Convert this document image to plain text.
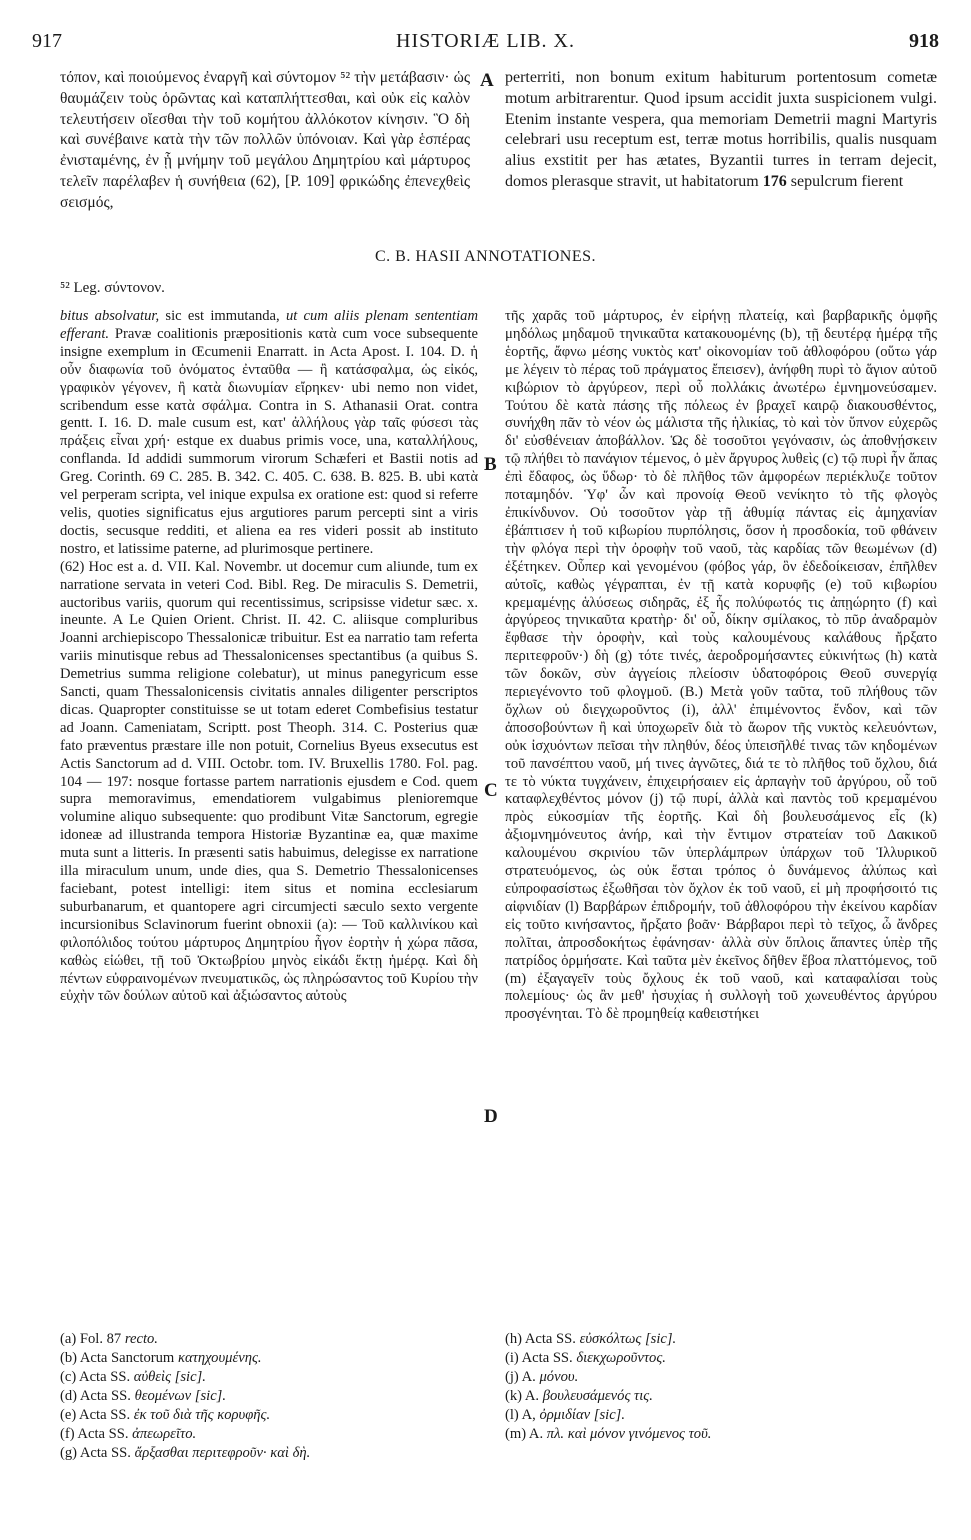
917	HISTORIÆ LIB. X.	918

τόπον, καὶ ποιούμενος ἐναργῆ καὶ σύντομον ⁵² τὴν μετάβασιν· ὡς θαυμάζειν τοὺς ὁρῶντας καὶ καταπλήττεσθαι, καὶ οὐκ εἰς καλὸν τελευτήσειν οἴεσθαι τὴν τοῦ κομήτου ἀλλόκοτον κίνησιν. Ὃ δὴ καὶ συνέβαινε κατὰ τὴν τῶν πολλῶν ὑπόνοιαν. Καὶ γὰρ ἑσπέρας ἐνισταμένης, ἐν ᾗ μνήμην τοῦ μεγάλου Δημητρίου καὶ μάρτυρος τελεῖν παρέλαβεν ἡ συνήθεια (62), [P. 109] φρικώδης ἐπενεχθεὶς σεισμός,

A perterriti, non bonum exitum habiturum portentosum cometæ motum arbitrarentur. Quod ipsum accidit juxta suspicionem vulgi. Etenim instante vespera, qua memoriam Demetrii magni Martyris celebrari usu receptum est, terræ motus horribilis, qualis nusquam alius exstitit per has ætates, Byzantii turres in terram dejecit, domos plerasque stravit, ut habitatorum 176 sepulcrum fierent

C. B. HASII ANNOTATIONES.
⁵² Leg. σύντονον.

bitus absolvatur, sic est immutanda, ut cum aliis plenam sententiam efferant. Pravæ coalitionis præpositionis κατὰ cum voce subsequente insigne exemplum in Œcumenii Enarratt. in Acta Apost. I. 104. D. ἡ οὖν διαφωνία τοῦ ὀνόματος ἐνταῦθα — ἢ κατάσφαλμα, ὡς εἰκός, γραφικὸν γέγονεν, ἢ κατὰ διωνυμίαν εἴρηκεν· ubi nemo non videt, scribendum esse κατὰ σφάλμα. Contra in S. Athanasii Orat. contra gentt. I. 16. D. male cusum est, κατ' ἀλλήλους γὰρ ταῖς φύσεσι τὰς πράξεις εἶναι χρή· estque ex duabus primis voce, una, καταλλήλους, conflanda. Id addidi summorum virorum Schæferi et Bastii notis ad Greg. Corinth. 69 C. 285. B. 342. C. 405. C. 638. B. 825. B. ubi κατὰ vel perperam scripta, vel inique expulsa ex oratione est: quod si referre velis, quoties significatus ejus argutiores parum percepti sint a viris doctis, secusque redditi, et aliena ea res videri possit ab instituto nostro, et latissime paterne, ad plurimosque pertinere.

(62) Hoc est a. d. VII. Kal. Novembr. ut docemur cum aliunde, tum ex narratione servata in veteri Cod. Bibl. Reg. De miraculis S. Demetrii, auctoribus variis, quorum qui recentissimus, scripsisse videtur sæc. x. ineunte. A Le Quien Orient. Christ. II. 42. C. aliisque compluribus Joanni archiepiscopo Thessalonicæ tribuitur. Est ea narratio tam referta variis minutisque rebus ad Thessalonicenses spectantibus (a quibus S. Demetrius summa religione colebatur), ut minus panegyricum esse Sancti, quam Thessalonicensis civitatis annales diligenter perscriptos dicas. Quapropter constituisse se ut totam ederet Combefisius testatur ad Joann. Cameniatam, Scriptt. post Theoph. 314. C. Posterius quæ fato præventus præstare ille non potuit, Cornelius Byeus exsecutus est Actis Sanctorum ad d. VIII. Octobr. tom. IV. Bruxellis 1780. Fol. pag. 104 — 197: nosque fortasse partem narrationis ejusdem e Cod. quem supra memoravimus, emendatiorem vulgabimus plenioremque volumine aliquo subsequente: quo prodibunt Vitæ Sanctorum, egregie idoneæ ad illustranda tempora Historiæ Byzantinæ ea, quæ maxime muta sunt a litteris. In præsenti satis habuimus, delegisse ex narratione illa miraculum unum, unde dies, qua S. Demetrio Thessalonicenses faciebant, potest intelligi: item situs et nomina ecclesiarum suburbanarum, et quantopere agri circumjecti sæculo sexto vergente incursionibus Sclavinorum fuerint obnoxii (a): — Τοῦ καλλινίκου καὶ φιλοπόλιδος τούτου μάρτυρος Δημητρίου ἦγον ἑορτὴν ἡ χώρα πᾶσα, καθὼς εἰώθει, τῇ τοῦ Ὀκτωβρίου μηνὸς εἰκάδι ἕκτῃ ἡμέρᾳ. Καὶ δὴ πέντων εὐφραινομένων πνευματικῶς, ὡς πληρώσαντος τοῦ Κυρίου τὴν εὐχὴν τῶν δούλων αὐτοῦ καὶ ἀξιώσαντος αὐτοὺς

B
C
D

τῆς χαρᾶς τοῦ μάρτυρος, ἐν εἰρήνῃ πλατείᾳ, καὶ βαρβαρικῆς ὁμφῆς μηδόλως μηδαμοῦ τηνικαῦτα κατακουομένης (b), τῇ δευτέρᾳ ἡμέρᾳ τῆς ἑορτῆς, ἄφνω μέσης νυκτὸς κατ' οἰκονομίαν τοῦ ἀθλοφόρου (οὕτω γάρ με λέγειν τὸ πέρας τοῦ πράγματος ἔπεισεν), ἀνήφθη πυρὶ τὸ ἅγιον αὐτοῦ κιβώριον τὸ ἀργύρεον, περὶ οὗ πολλάκις ἀνωτέρω ἐμνημονεύσαμεν. Τούτου δὲ κατὰ πάσης τῆς πόλεως ἐν βραχεῖ καιρῷ διακουσθέντος, συνήχθη πᾶν τὸ νέον ὡς μάλιστα τῆς ἡλικίας, τὸ καὶ τὸν ὕπνον εὐχερῶς δι' εὐσθένειαν ἀποβάλλον. Ὡς δὲ τοσοῦτοι γεγόνασιν, ὡς ἀποθνῄσκειν τῷ πλήθει τὸ πανάγιον τέμενος, ὁ μὲν ἄργυρος λυθεὶς (c) τῷ πυρὶ ἦν ἅπας ἐπὶ ἔδαφος, ὡς ὕδωρ· τὸ δὲ πλῆθος τῶν ἀμφορέων περιέκλυζε τοῦτον ποταμηδόν. Ὑφ' ὧν καὶ προνοίᾳ Θεοῦ νενίκητο τὸ τῆς φλογὸς ἐπικίνδυνον. Οὐ τοσοῦτον γὰρ τῇ ἀθυμίᾳ πάντας εἰς ἀμηχανίαν ἐβάπτισεν ἡ τοῦ κιβωρίου πυρπόλησις, ὅσον ἡ προσδοκία, τοῦ φθάνειν τὴν φλόγα περὶ τὴν ὀροφὴν τοῦ ναοῦ, τὰς καρδίας τῶν θεωμένων (d) ἐξέτηκεν. Οὗπερ καὶ γενομένου (φόβος γάρ, ὃν ἐδεδοίκεισαν, ἐπῆλθεν αὐτοῖς, καθὼς γέγραπται, ἐν τῇ κατὰ κορυφῆς (e) τοῦ κιβωρίου κρεμαμένῃς ἁλύσεως σιδηρᾶς, ἐξ ἧς πολύφωτός τις ἀπῃώρητο (f) καὶ ἀργύρεος τηνικαῦτα κρατὴρ· δι' οὗ, δίκην σμίλακος, τὸ πῦρ ἀναδραμὸν ἔφθασε τὴν ὀροφὴν, καὶ τοὺς καλουμένους καλάθους ἤρξατο περιτεφροῦν·) δὴ (g) τότε τινές, ἀεροδρομήσαντες εὐκινήτως (h) κατὰ τῶν δοκῶν, σὺν ἀγγείοις πλείοσιν ὑδατοφόροις Θεοῦ συνεργίᾳ περιεγένοντο τοῦ φλογμοῦ. (B.) Μετὰ γοῦν ταῦτα, τοῦ πλήθους τῶν ὄχλων οὐ διεγχωροῦντος (i), ἀλλ' ἐπιμένοντος ἔνδον, καὶ τῶν ἀποσοβούντων ἢ καὶ ὑποχωρεῖν διὰ τὸ ἄωρον τῆς νυκτὸς κελευόντων, οὐκ ἰσχυόντων πεῖσαι τὴν πληθύν, δέος ὑπεισῆλθέ τινας τῶν κηδομένων τοῦ πανσέπτου ναοῦ, μή τινες ἀγνῶτες, διά τε τὸ πλῆθος τοῦ ὄχλου, διά τε τὸ νύκτα τυγχάνειν, ἐπιχειρήσαιεν εἰς ἁρπαγὴν τοῦ ἀργύρου, οὗ τοῦ καταφλεχθέντος μόνον (j) τῷ πυρί, ἀλλὰ καὶ παντὸς τοῦ κρεμαμένου πρὸς εὐκοσμίαν τῆς ἑορτῆς. Καὶ δὴ βουλευσάμενος εἷς (k) ἀξιομνημόνευτος ἀνήρ, καὶ τὴν ἔντιμον στρατείαν τοῦ Δακικοῦ καλουμένου σκρινίου τῶν ὑπερλάμπρων ὑπάρχων τοῦ Ἰλλυρικοῦ στρατευόμενος, ὡς οὐκ ἔσται τρόπος ὁ δυνάμενος ἀλύπως καὶ εὐπροφασίστως ἐξωθῆσαι τὸν ὄχλον ἐκ τοῦ ναοῦ, εἰ μὴ προφήσοιτό τις αἰφνιδίαν (l) Βαρβάρων ἐπιδρομήν, τοῦ ἀθλοφόρου τὴν ἐκείνου καρδίαν εἰς τοῦτο κινήσαντος, ἤρξατο βοᾶν· Βάρβαροι περὶ τὸ τεῖχος, ὦ ἄνδρες πολῖται, ἀπροσδοκήτως ἐφάνησαν· ἀλλὰ σὺν ὅπλοις ἅπαντες ὑπὲρ τῆς πατρίδος ὁρμήσατε. Καὶ ταῦτα μὲν ἐκεῖνος δῆθεν ἔβοα πλαττόμενος, τοῦ (m) ἐξαγαγεῖν τοὺς ὄχλους ἐκ τοῦ ναοῦ, καὶ καταφαλίσαι τοὺς πολεμίους· ὡς ἂν μεθ' ἡσυχίας ἡ συλλογὴ τοῦ χωνευθέντος ἀργύρου προσγένηται. Τὸ δὲ προμηθείᾳ καθειστήκει

(a) Fol. 87 recto.
(b) Acta Sanctorum κατηχουμένης.
(c) Acta SS. αὐθεὶς [sic].
(d) Acta SS. θεομένων [sic].
(e) Acta SS. ἐκ τοῦ διὰ τῆς κορυφῆς.
(f) Acta SS. ἀπεωρεῖτο.
(g) Acta SS. ἄρξασθαι περιτεφροῦν· καὶ δὴ.
(h) Acta SS. εὐσκόλτως [sic].
(i) Acta SS. διεκχωροῦντος.
(j) A. μόνου.
(k) A. βουλευσάμενός τις.
(l) A, ὀρμιδίαν [sic].
(m) A. πλ. καὶ μόνον γινόμενος τοῦ.
